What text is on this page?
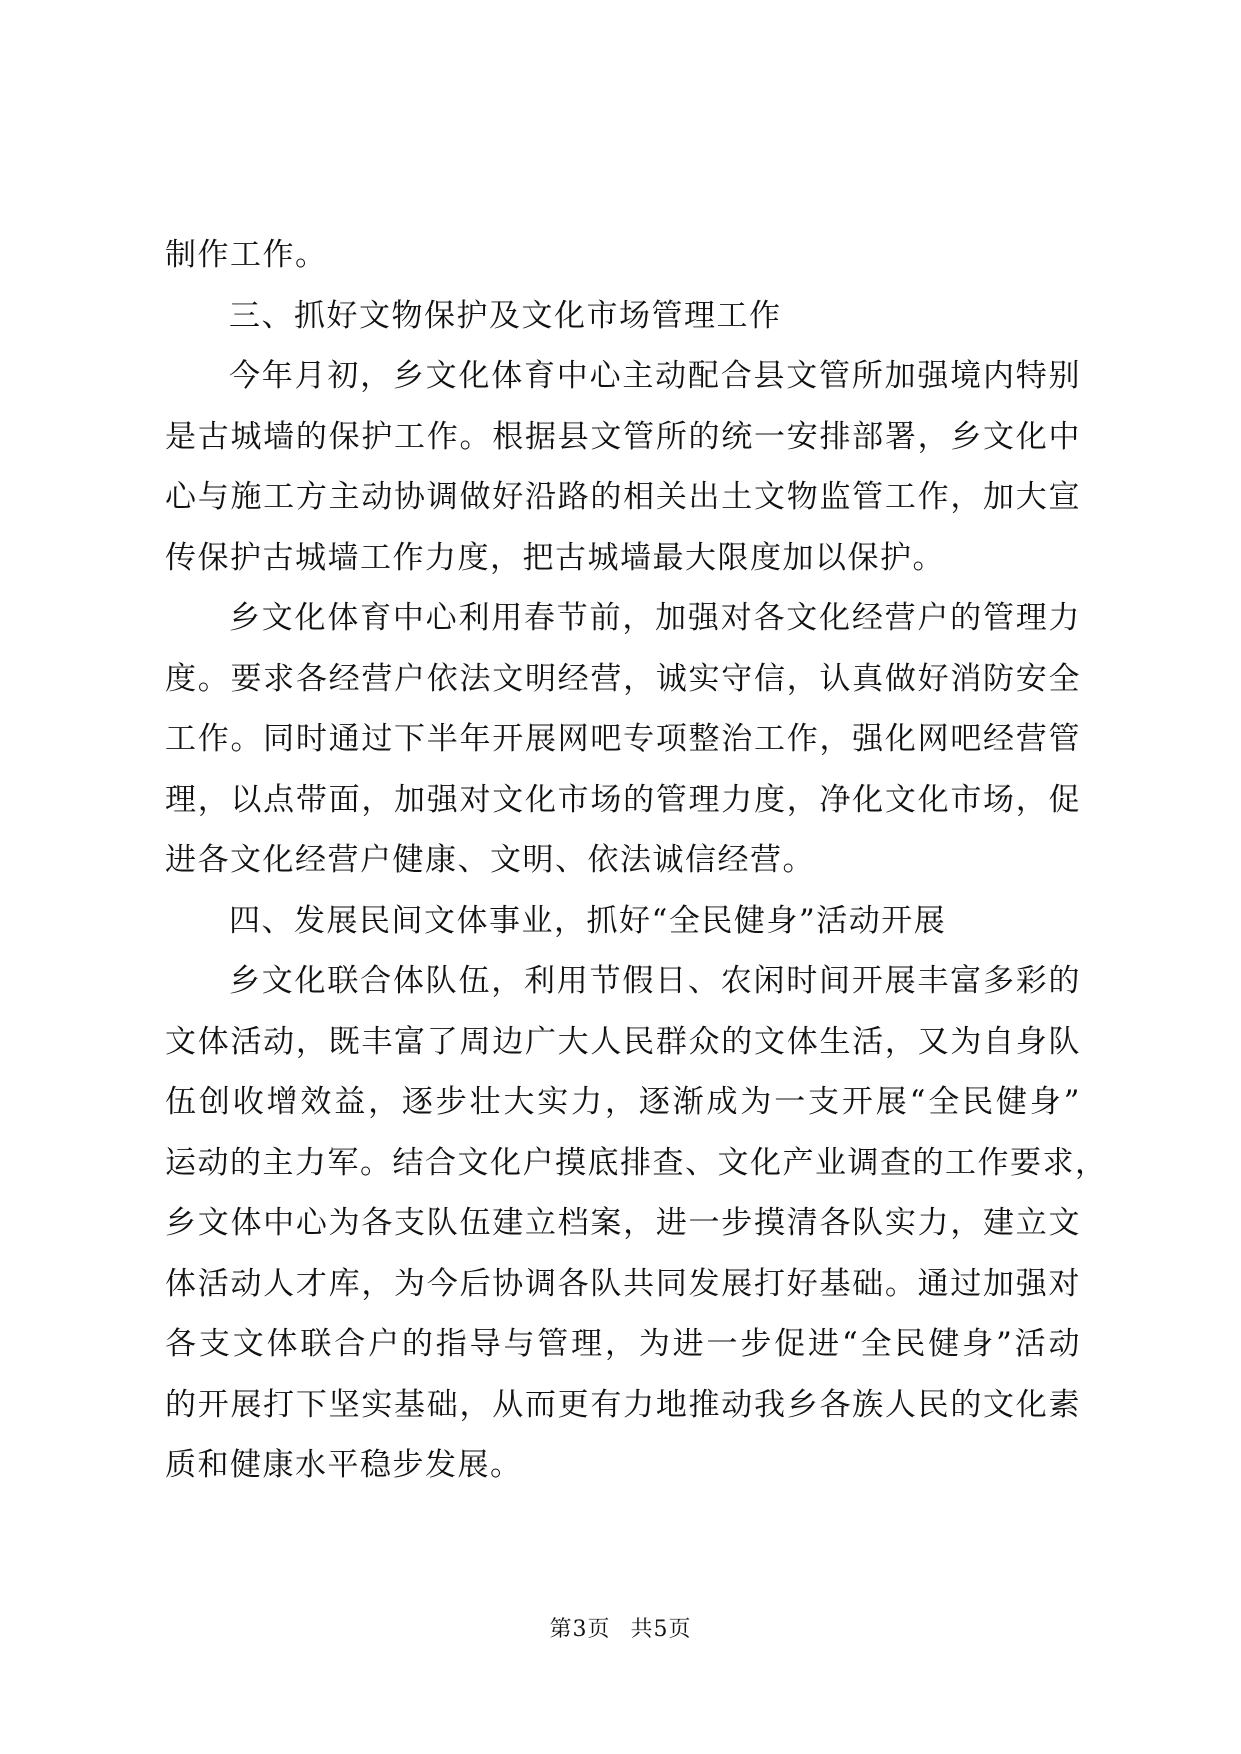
制作工作。
三、抓好文物保护及文化市场管理工作
今年月初，乡文化体育中心主动配合县文管所加强境内特别
是古城墙的保护工作。根据县文管所的统一安排部署，乡文化中
心与施工方主动协调做好沿路的相关出土文物监管工作，加大宣
传保护古城墙工作力度，把古城墙最大限度加以保护。
乡文化体育中心利用春节前，加强对各文化经营户的管理力
度。要求各经营户依法文明经营，诚实守信，认真做好消防安全
工作。同时通过下半年开展网吧专项整治工作，强化网吧经营管
理，以点带面，加强对文化市场的管理力度，净化文化市场，促
进各文化经营户健康、文明、依法诚信经营。
四、发展民间文体事业，抓好“全民健身”活动开展
乡文化联合体队伍，利用节假日、农闲时间开展丰富多彩的
文体活动，既丰富了周边广大人民群众的文体生活，又为自身队
伍创收增效益，逐步壮大实力，逐渐成为一支开展“全民健身”
运动的主力军。结合文化户摸底排查、文化产业调查的工作要求，
乡文体中心为各支队伍建立档案，进一步摸清各队实力，建立文
体活动人才库，为今后协调各队共同发展打好基础。通过加强对
各支文体联合户的指导与管理，为进一步促进“全民健身”活动
的开展打下坚实基础，从而更有力地推动我乡各族人民的文化素
质和健康水平稳步发展。
第3页 共5页
